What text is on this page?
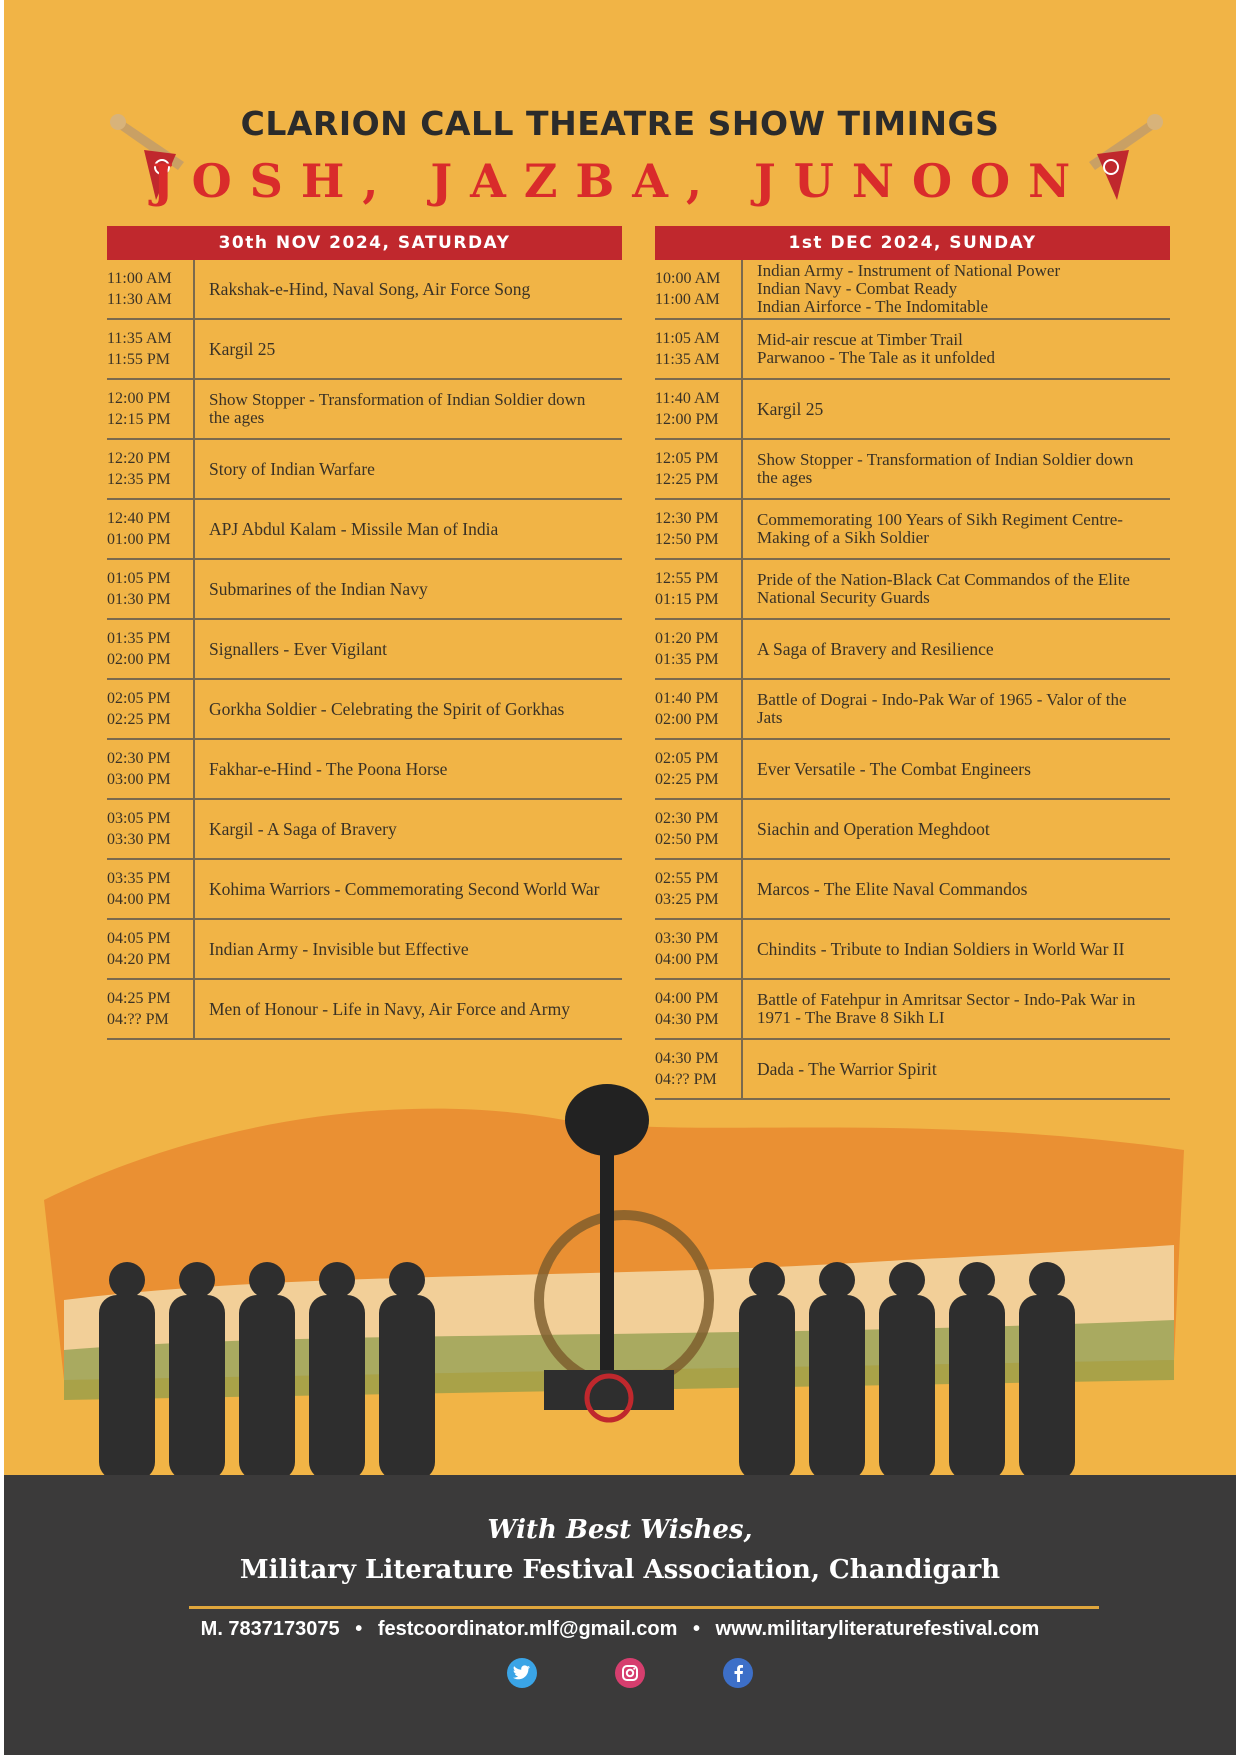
CLARION CALL THEATRE SHOW TIMINGS
JOSH, JAZBA, JUNOON
30th NOV 2024, SATURDAY
11:00 AM
11:30 AM
Rakshak-e-Hind, Naval Song, Air Force Song
11:35 AM
11:55 PM
Kargil 25
12:00 PM
12:15 PM
Show Stopper - Transformation of Indian Soldier down
the ages
12:20 PM
12:35 PM
Story of Indian Warfare
12:40 PM
01:00 PM
APJ Abdul Kalam - Missile Man of India
01:05 PM
01:30 PM
Submarines of the Indian Navy
01:35 PM
02:00 PM
Signallers - Ever Vigilant
02:05 PM
02:25 PM
Gorkha Soldier - Celebrating the Spirit of Gorkhas
02:30 PM
03:00 PM
Fakhar-e-Hind - The Poona Horse
03:05 PM
03:30 PM
Kargil - A Saga of Bravery
03:35 PM
04:00 PM
Kohima Warriors - Commemorating Second World War
04:05 PM
04:20 PM
Indian Army - Invisible but Effective
04:25 PM
04:?? PM
Men of Honour - Life in Navy, Air Force and Army
1st DEC 2024, SUNDAY
10:00 AM
11:00 AM
Indian Army - Instrument of National Power
Indian Navy - Combat Ready
Indian Airforce - The Indomitable
11:05 AM
11:35 AM
Mid-air rescue at Timber Trail
Parwanoo - The Tale as it unfolded
11:40 AM
12:00 PM
Kargil 25
12:05 PM
12:25 PM
Show Stopper - Transformation of Indian Soldier down
the ages
12:30 PM
12:50 PM
Commemorating 100 Years of Sikh Regiment Centre-
Making of a Sikh Soldier
12:55 PM
01:15 PM
Pride of the Nation-Black Cat Commandos of the Elite
National Security Guards
01:20 PM
01:35 PM
A Saga of Bravery and Resilience
01:40 PM
02:00 PM
Battle of Dograi - Indo-Pak War of 1965 - Valor of the
Jats
02:05 PM
02:25 PM
Ever Versatile - The Combat Engineers
02:30 PM
02:50 PM
Siachin and Operation Meghdoot
02:55 PM
03:25 PM
Marcos - The Elite Naval Commandos
03:30 PM
04:00 PM
Chindits - Tribute to Indian Soldiers in World War II
04:00 PM
04:30 PM
Battle of Fatehpur in Amritsar Sector - Indo-Pak War in
1971 - The Brave 8 Sikh LI
04:30 PM
04:?? PM
Dada - The Warrior Spirit
With Best Wishes,
Military Literature Festival Association, Chandigarh
M. 7837173075 • festcoordinator.mlf@gmail.com • www.militaryliteraturefestival.com
